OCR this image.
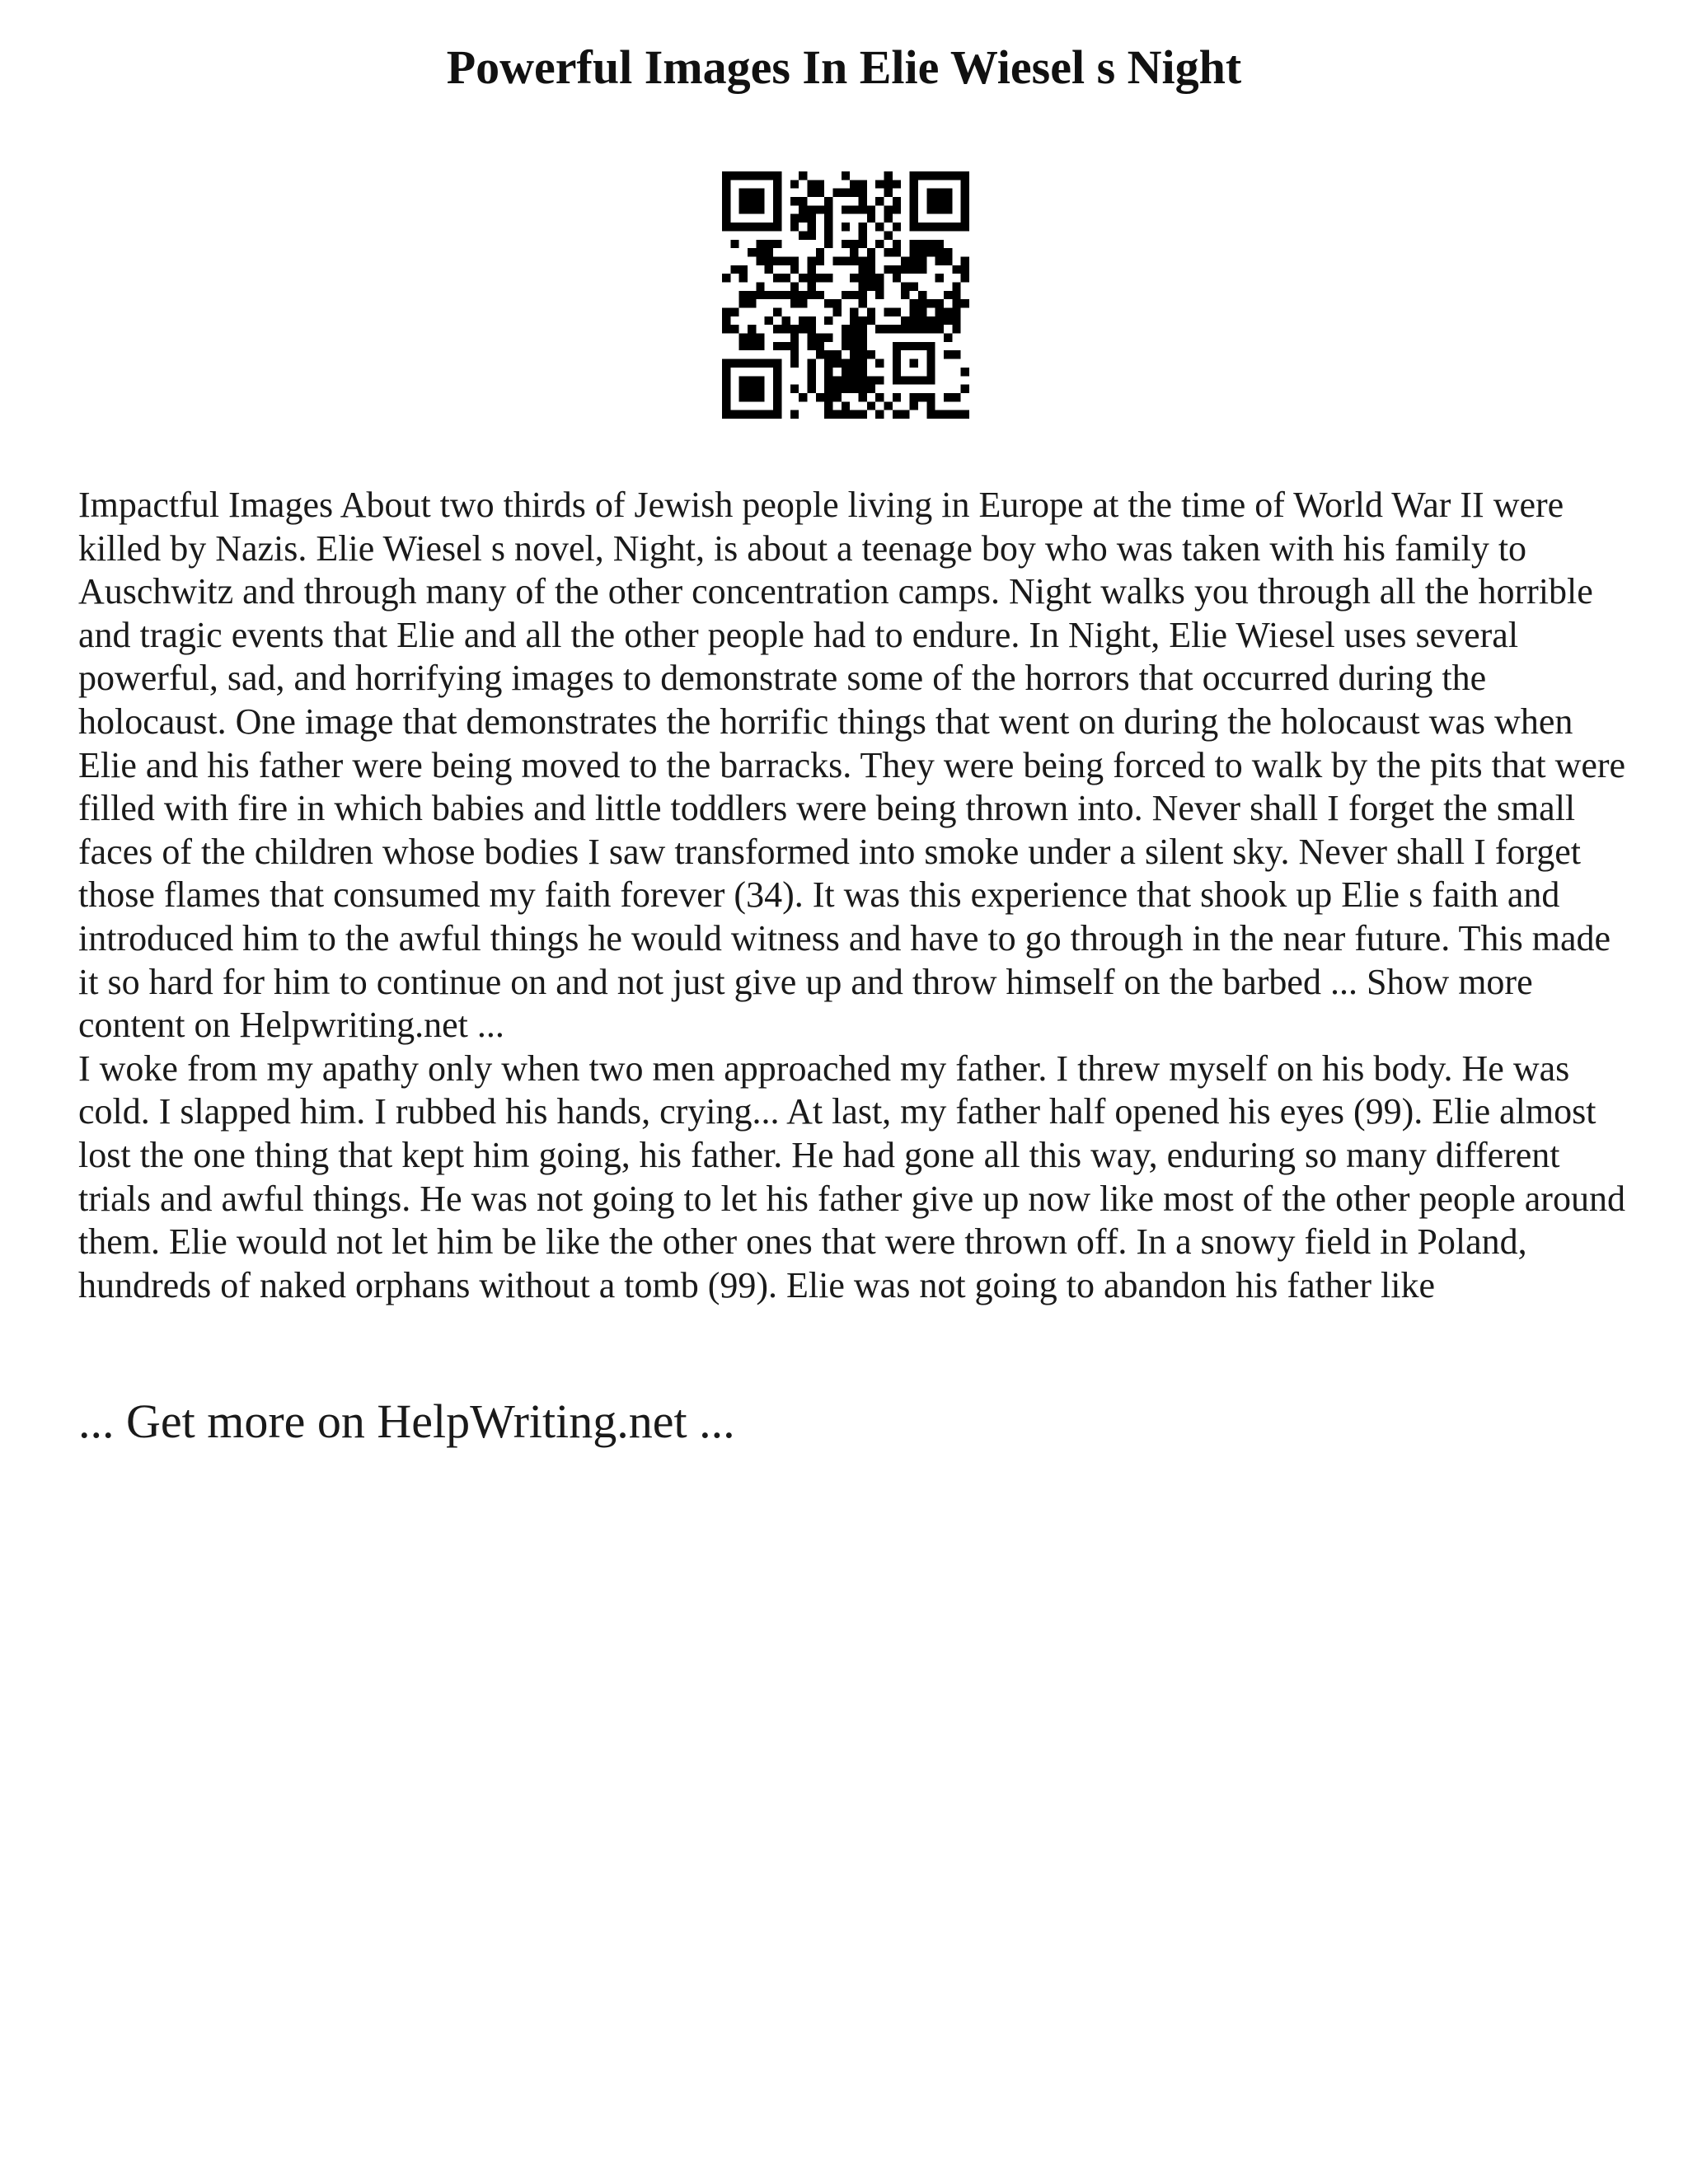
Powerful Images In Elie Wiesel s Night

Impactful Images About two thirds of Jewish people living in Europe at the time of World War II were killed by Nazis. Elie Wiesel s novel, Night, is about a teenage boy who was taken with his family to Auschwitz and through many of the other concentration camps. Night walks you through all the horrible and tragic events that Elie and all the other people had to endure. In Night, Elie Wiesel uses several powerful, sad, and horrifying images to demonstrate some of the horrors that occurred during the holocaust. One image that demonstrates the horrific things that went on during the holocaust was when Elie and his father were being moved to the barracks. They were being forced to walk by the pits that were filled with fire in which babies and little toddlers were being thrown into. Never shall I forget the small faces of the children whose bodies I saw transformed into smoke under a silent sky. Never shall I forget those flames that consumed my faith forever (34). It was this experience that shook up Elie s faith and introduced him to the awful things he would witness and have to go through in the near future. This made it so hard for him to continue on and not just give up and throw himself on the barbed ... Show more content on Helpwriting.net ...

I woke from my apathy only when two men approached my father. I threw myself on his body. He was cold. I slapped him. I rubbed his hands, crying... At last, my father half opened his eyes (99). Elie almost lost the one thing that kept him going, his father. He had gone all this way, enduring so many different trials and awful things. He was not going to let his father give up now like most of the other people around them. Elie would not let him be like the other ones that were thrown off. In a snowy field in Poland, hundreds of naked orphans without a tomb (99). Elie was not going to abandon his father like

... Get more on HelpWriting.net ...
